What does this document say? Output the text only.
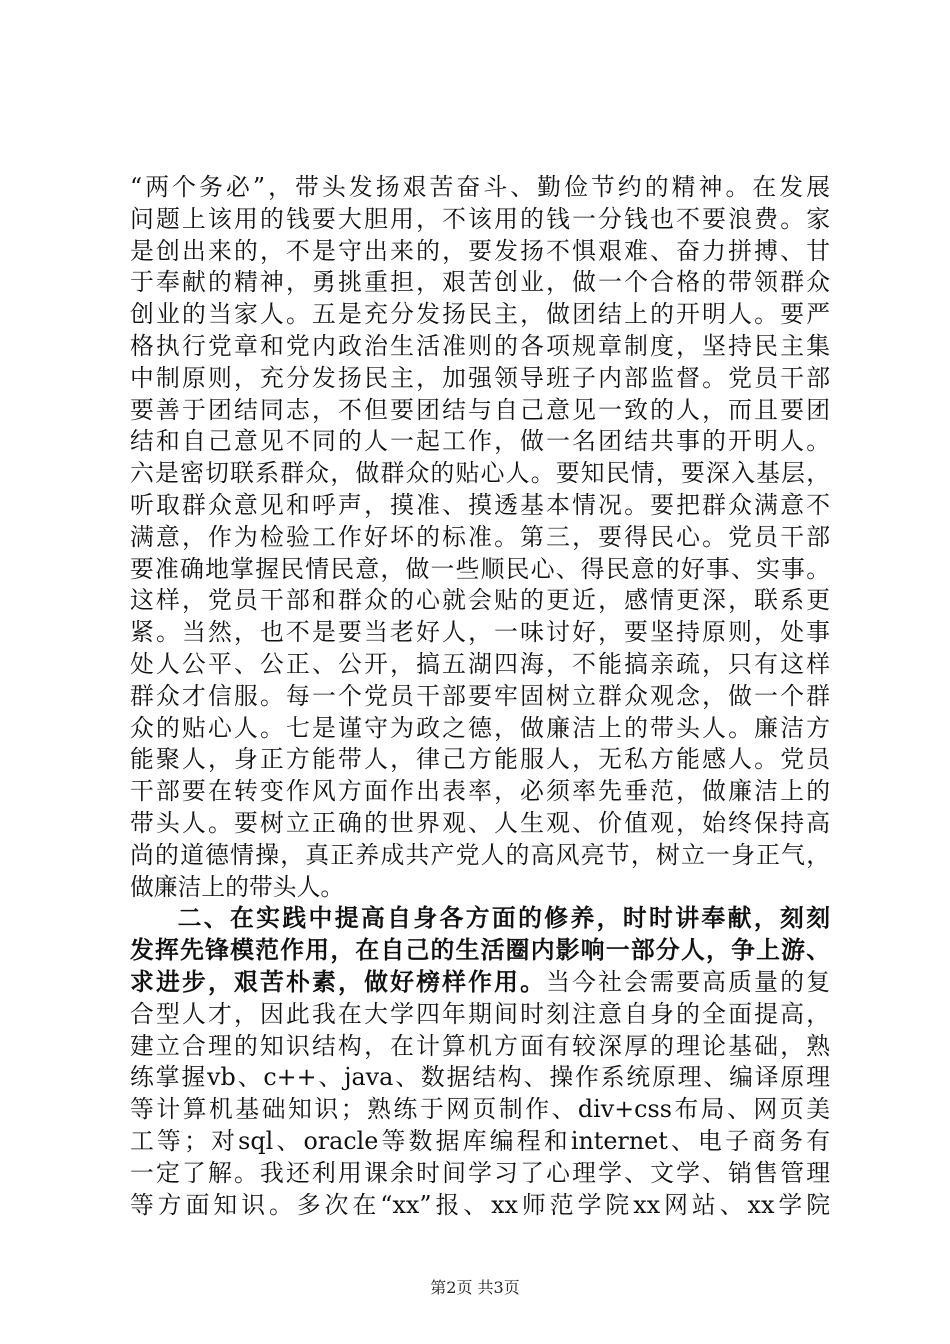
“两个务必”，带头发扬艰苦奋斗、勤俭节约的精神。在发展
问题上该用的钱要大胆用，不该用的钱一分钱也不要浪费。家
是创出来的，不是守出来的，要发扬不惧艰难、奋力拼搏、甘
于奉献的精神，勇挑重担，艰苦创业，做一个合格的带领群众
创业的当家人。五是充分发扬民主，做团结上的开明人。要严
格执行党章和党内政治生活准则的各项规章制度，坚持民主集
中制原则，充分发扬民主，加强领导班子内部监督。党员干部
要善于团结同志，不但要团结与自己意见一致的人，而且要团
结和自己意见不同的人一起工作，做一名团结共事的开明人。
六是密切联系群众，做群众的贴心人。要知民情，要深入基层，
听取群众意见和呼声，摸准、摸透基本情况。要把群众满意不
满意，作为检验工作好坏的标准。第三，要得民心。党员干部
要准确地掌握民情民意，做一些顺民心、得民意的好事、实事。
这样，党员干部和群众的心就会贴的更近，感情更深，联系更
紧。当然，也不是要当老好人，一味讨好，要坚持原则，处事
处人公平、公正、公开，搞五湖四海，不能搞亲疏，只有这样
群众才信服。每一个党员干部要牢固树立群众观念，做一个群
众的贴心人。七是谨守为政之德，做廉洁上的带头人。廉洁方
能聚人，身正方能带人，律己方能服人，无私方能感人。党员
干部要在转变作风方面作出表率，必须率先垂范，做廉洁上的
带头人。要树立正确的世界观、人生观、价值观，始终保持高
尚的道德情操，真正养成共产党人的高风亮节，树立一身正气，
做廉洁上的带头人。
二、在实践中提高自身各方面的修养，时时讲奉献，刻刻
发挥先锋模范作用，在自己的生活圈内影响一部分人，争上游、
求进步，艰苦朴素，做好榜样作用。当今社会需要高质量的复
合型人才，因此我在大学四年期间时刻注意自身的全面提高，
建立合理的知识结构，在计算机方面有较深厚的理论基础，熟
练掌握vb、c++、java、数据结构、操作系统原理、编译原理
等计算机基础知识；熟练于网页制作、div+css布局、网页美
工等；对sql、oracle等数据库编程和internet、电子商务有
一定了解。我还利用课余时间学习了心理学、文学、销售管理
等方面知识。多次在“xx”报、xx师范学院xx网站、xx学院
第2页 共3页
